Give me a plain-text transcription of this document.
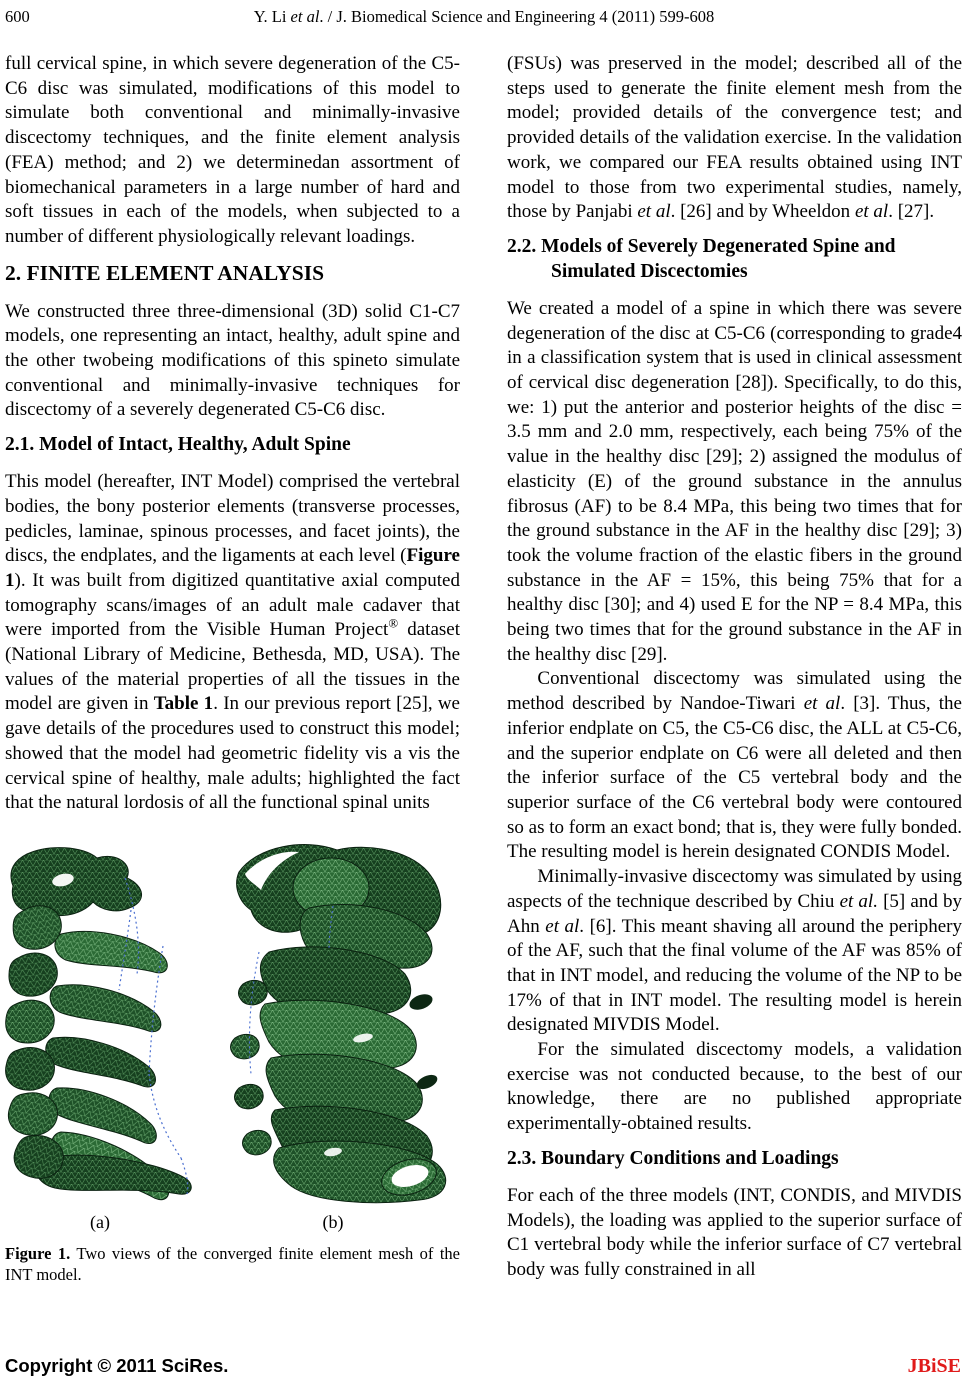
600	Y. Li et al. / J. Biomedical Science and Engineering 4 (2011) 599-608

full cervical spine, in which severe degeneration of the C5-C6 disc was simulated, modifications of this model to simulate both conventional and minimally-invasive discectomy techniques, and the finite element analysis (FEA) method; and 2) we determinedan assortment of biomechanical parameters in a large number of hard and soft tissues in each of the models, when subjected to a number of different physiologically relevant loadings.

2. FINITE ELEMENT ANALYSIS

We constructed three three-dimensional (3D) solid C1-C7 models, one representing an intact, healthy, adult spine and the other twobeing modifications of this spineto simulate conventional and minimally-invasive techniques for discectomy of a severely degenerated C5-C6 disc.

2.1. Model of Intact, Healthy, Adult Spine

This model (hereafter, INT Model) comprised the vertebral bodies, the bony posterior elements (transverse processes, pedicles, laminae, spinous processes, and facet joints), the discs, the endplates, and the ligaments at each level (Figure 1). It was built from digitized quantitative axial computed tomography scans/images of an adult male cadaver that were imported from the Visible Human Project® dataset (National Library of Medicine, Bethesda, MD, USA). The values of the material properties of all the tissues in the model are given in Table 1. In our previous report [25], we gave details of the procedures used to construct this model; showed that the model had geometric fidelity vis a vis the cervical spine of healthy, male adults; highlighted the fact that the natural lordosis of all the functional spinal units

(a)	(b)

Figure 1. Two views of the converged finite element mesh of the INT model.

(FSUs) was preserved in the model; described all of the steps used to generate the finite element mesh from the model; provided details of the convergence test; and provided details of the validation exercise. In the validation work, we compared our FEA results obtained using INT model to those from two experimental studies, namely, those by Panjabi et al. [26] and by Wheeldon et al. [27].

2.2. Models of Severely Degenerated Spine and
Simulated Discectomies

We created a model of a spine in which there was severe degeneration of the disc at C5-C6 (corresponding to grade4 in a classification system that is used in clinical assessment of cervical disc degeneration [28]). Specifically, to do this, we: 1) put the anterior and posterior heights of the disc = 3.5 mm and 2.0 mm, respectively, each being 75% of the value in the healthy disc [29]; 2) assigned the modulus of elasticity (E) of the ground substance in the annulus fibrosus (AF) to be 8.4 MPa, this being two times that for the ground substance in the AF in the healthy disc [29]; 3) took the volume fraction of the elastic fibers in the ground substance in the AF = 15%, this being 75% that for a healthy disc [30]; and 4) used E for the NP = 8.4 MPa, this being two times that for the ground substance in the AF in the healthy disc [29].

Conventional discectomy was simulated using the method described by Nandoe-Tiwari et al. [3]. Thus, the inferior endplate on C5, the C5-C6 disc, the ALL at C5-C6, and the superior endplate on C6 were all deleted and then the inferior surface of the C5 vertebral body and the superior surface of the C6 vertebral body were contoured so as to form an exact bond; that is, they were fully bonded. The resulting model is herein designated CONDIS Model.

Minimally-invasive discectomy was simulated by using aspects of the technique described by Chiu et al. [5] and by Ahn et al. [6]. This meant shaving all around the periphery of the AF, such that the final volume of the AF was 85% of that in INT model, and reducing the volume of the NP to be 17% of that in INT model. The resulting model is herein designated MIVDIS Model.

For the simulated discectomy models, a validation exercise was not conducted because, to the best of our knowledge, there are no published appropriate experimentally-obtained results.

2.3. Boundary Conditions and Loadings

For each of the three models (INT, CONDIS, and MIVDIS Models), the loading was applied to the superior surface of C1 vertebral body while the inferior surface of C7 vertebral body was fully constrained in all

Copyright © 2011 SciRes.	JBiSE
